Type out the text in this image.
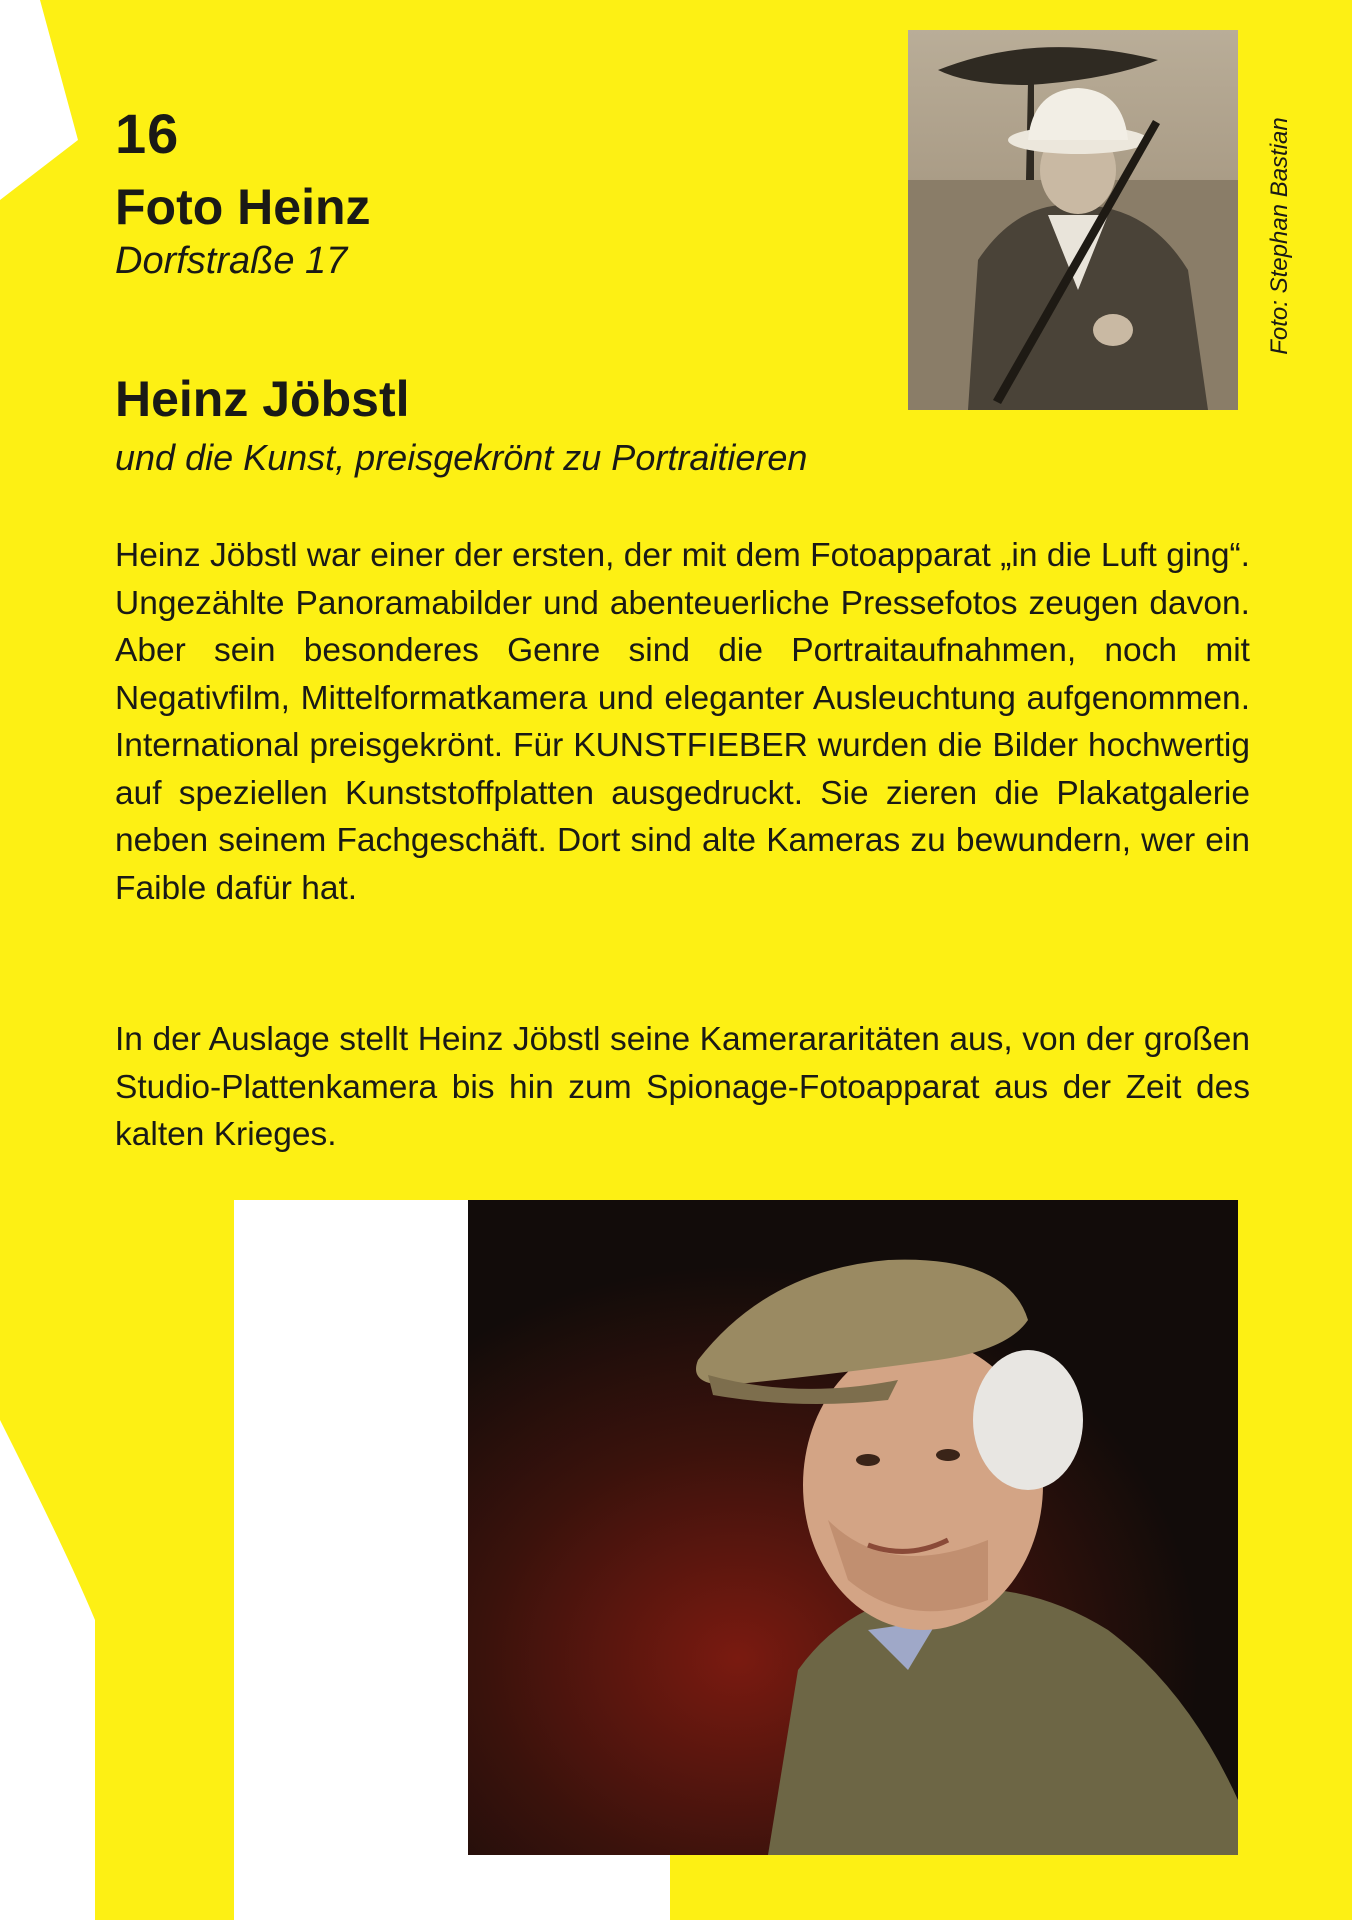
16
Foto Heinz
Dorfstraße 17
Heinz Jöbstl
und die Kunst, preisgekrönt zu Portraitieren

Heinz Jöbstl war einer der ersten, der mit dem Fotoapparat „in die Luft ging“. Ungezählte Panoramabilder und abenteuerliche Pressefotos zeugen davon. Aber sein besonderes Genre sind die Portraitaufnahmen, noch mit Negativfilm, Mittelformatkamera und eleganter Ausleuchtung aufgenommen. International preisgekrönt. Für KUNSTFIEBER wurden die Bilder hochwertig auf speziellen Kunststoffplatten ausgedruckt. Sie zieren die Plakatgalerie neben seinem Fachgeschäft. Dort sind alte Kameras zu bewundern, wer ein Faible dafür hat.

In der Auslage stellt Heinz Jöbstl seine Kamerararitäten aus, von der großen Studio-Plattenkamera bis hin zum Spionage-Fotoapparat aus der Zeit des kalten Krieges.

Foto: Stephan Bastian
